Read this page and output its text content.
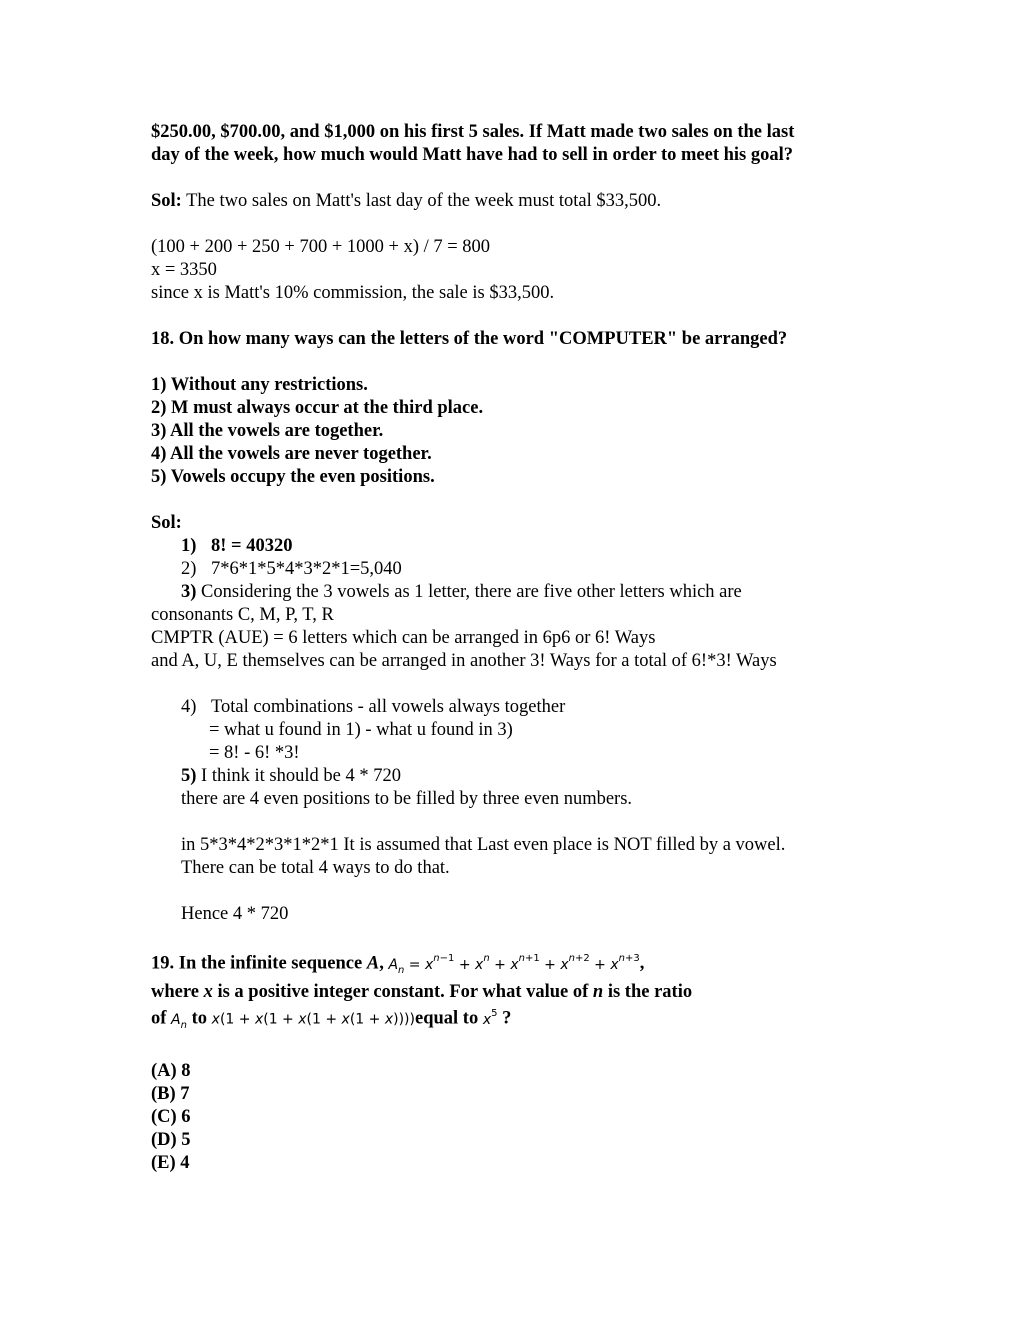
$250.00, $700.00, and $1,000 on his first 5 sales. If Matt made two sales on the last
day of the week, how much would Matt have had to sell in order to meet his goal?
Sol: The two sales on Matt's last day of the week must total $33,500.
(100 + 200 + 250 + 700 + 1000 + x) / 7 = 800
x = 3350
since x is Matt's 10% commission, the sale is $33,500.
18. On how many ways can the letters of the word "COMPUTER" be arranged?
1) Without any restrictions.
2) M must always occur at the third place.
3) All the vowels are together.
4) All the vowels are never together.
5) Vowels occupy the even positions.
Sol:
1) 8! = 40320
2) 7*6*1*5*4*3*2*1=5,040
3) Considering the 3 vowels as 1 letter, there are five other letters which are
consonants C, M, P, T, R
CMPTR (AUE) = 6 letters which can be arranged in 6p6 or 6! Ways
and A, U, E themselves can be arranged in another 3! Ways for a total of 6!*3! Ways
4) Total combinations - all vowels always together
= what u found in 1) - what u found in 3)
= 8! - 6! *3!
5) I think it should be 4 * 720
there are 4 even positions to be filled by three even numbers.
in 5*3*4*2*3*1*2*1 It is assumed that Last even place is NOT filled by a vowel.
There can be total 4 ways to do that.
Hence 4 * 720
19. In the infinite sequence A, $A_n = x^{n-1} + x^n + x^{n+1} + x^{n+2} + x^{n+3}$,
where x is a positive integer constant. For what value of n is the ratio
of $A_n$ to x(1 + x(1 + x(1 + x(1 + x))))equal to $x^5$ ?
(A) 8
(B) 7
(C) 6
(D) 5
(E) 4
